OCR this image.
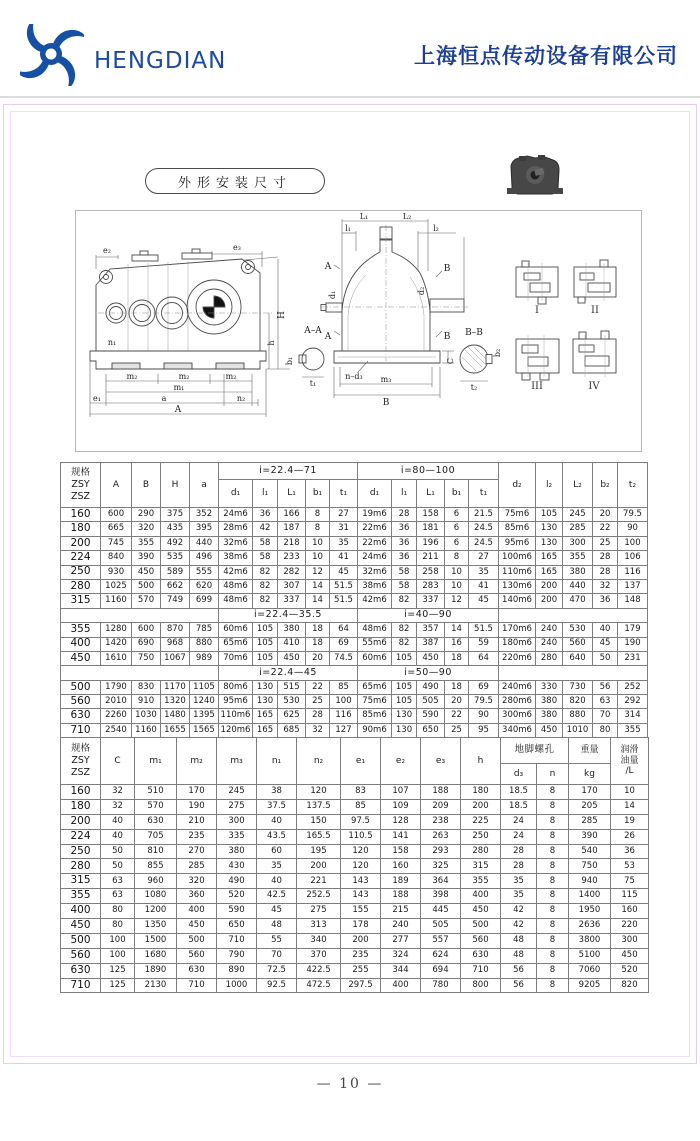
HENGDIAN	上海恒点传动设备有限公司
外形安装尺寸
e₂	e₃
H
h
n₁
m₂	m₂	m₂
m₁
e₁	a	n₂
A
A–A
b₁
t₁
L₁	L₂
l₁	l₂
A
A
d₁
B
B
d₂
C
n–d₃ m₃
B
B–B
b₂
t₂
I	II
III	IV
规格
ZSY
ZSZ	A	B	H	a	i=22.4—71					i=80—100					d₂	l₂	L₂	b₂	t₂
					d₁	l₁	L₁	b₁	t₁	d₁	l₁	L₁	b₁	t₁					
160	600	290	375	352	24m6	36	166	8	27	19m6	28	158	6	21.5	75m6	105	245	20	79.5
180	665	320	435	395	28m6	42	187	8	31	22m6	36	181	6	24.5	85m6	130	285	22	90
200	745	355	492	440	32m6	58	218	10	35	22m6	36	196	6	24.5	95m6	130	300	25	100
224	840	390	535	496	38m6	58	233	10	41	24m6	36	211	8	27	100m6	165	355	28	106
250	930	450	589	555	42m6	82	282	12	45	32m6	58	258	10	35	110m6	165	380	28	116
280	1025	500	662	620	48m6	82	307	14	51.5	38m6	58	283	10	41	130m6	200	440	32	137
315	1160	570	749	699	48m6	82	337	14	51.5	42m6	82	337	12	45	140m6	200	470	36	148
					i=22.4—35.5					i=40—90									
355	1280	600	870	785	60m6	105	380	18	64	48m6	82	357	14	51.5	170m6	240	530	40	179
400	1420	690	968	880	65m6	105	410	18	69	55m6	82	387	16	59	180m6	240	560	45	190
450	1610	750	1067	989	70m6	105	450	20	74.5	60m6	105	450	18	64	220m6	280	640	50	231
					i=22.4—45					i=50—90									
500	1790	830	1170	1105	80m6	130	515	22	85	65m6	105	490	18	69	240m6	330	730	56	252
560	2010	910	1320	1240	95m6	130	530	25	100	75m6	105	505	20	79.5	280m6	380	820	63	292
630	2260	1030	1480	1395	110m6	165	625	28	116	85m6	130	590	22	90	300m6	380	880	70	314
710	2540	1160	1655	1565	120m6	165	685	32	127	90m6	130	650	25	95	340m6	450	1010	80	355
规格
ZSY
ZSZ
	C	m₁	m₂	m₃	n₁	n₂	e₁	e₂	e₃	h	地脚螺孔	重量	润滑
油量
/L

											d₃	n	kg	
160	32	510	170	245	38	120	83	107	188	180	18.5	8	170	10
180	32	570	190	275	37.5	137.5	85	109	209	200	18.5	8	205	14
200	40	630	210	300	40	150	97.5	128	238	225	24	8	285	19
224	40	705	235	335	43.5	165.5	110.5	141	263	250	24	8	390	26
250	50	810	270	380	60	195	120	158	293	280	28	8	540	36
280	50	855	285	430	35	200	120	160	325	315	28	8	750	53
315	63	960	320	490	40	221	143	189	364	355	35	8	940	75
355	63	1080	360	520	42.5	252.5	143	188	398	400	35	8	1400	115
400	80	1200	400	590	45	275	155	215	445	450	42	8	1950	160
450	80	1350	450	650	48	313	178	240	505	500	42	8	2636	220
500	100	1500	500	710	55	340	200	277	557	560	48	8	3800	300
560	100	1680	560	790	70	370	235	324	624	630	48	8	5100	450
630	125	1890	630	890	72.5	422.5	255	344	694	710	56	8	7060	520
710	125	2130	710	1000	92.5	472.5	297.5	400	780	800	56	8	9205	820
— 10 —
